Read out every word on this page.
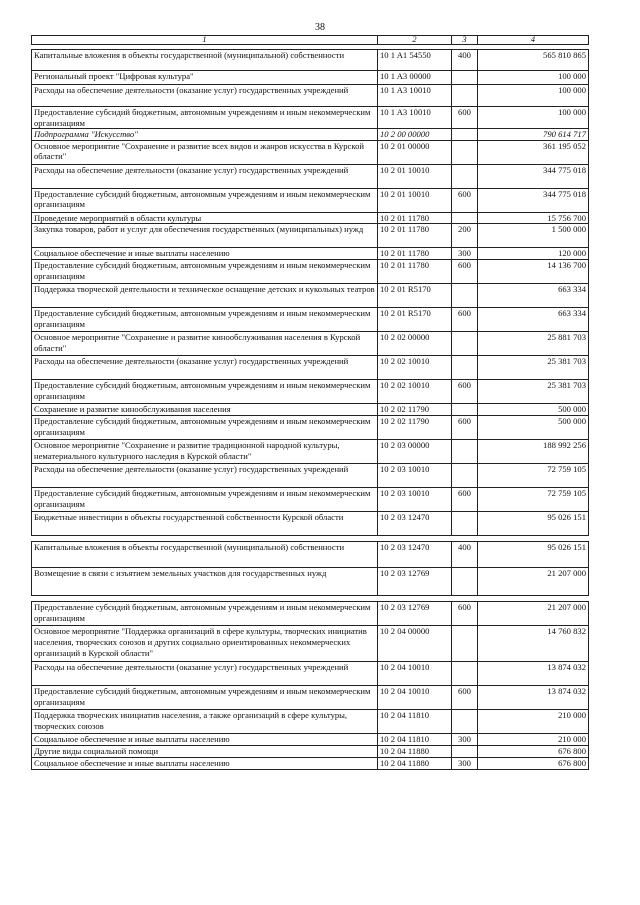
38
1	2	3	4

Капитальные вложения в объекты государственной (муниципальной) собственности	10 1 A1 54550	400	565 810 865
Региональный проект "Цифровая культура"	10 1 A3 00000		100 000
Расходы на обеспечение деятельности (оказание услуг) государственных учреждений	10 1 A3 10010		100 000
Предоставление субсидий бюджетным, автономным учреждениям и иным некоммерческим организациям	10 1 A3 10010	600	100 000
Подпрограмма "Искусство"	10 2 00 00000		790 614 717
Основное мероприятие "Сохранение и развитие всех видов и жанров искусства в Курской области"	10 2 01 00000		361 195 052
Расходы на обеспечение деятельности (оказание услуг) государственных учреждений	10 2 01 10010		344 775 018
Предоставление субсидий бюджетным, автономным учреждениям и иным некоммерческим организациям	10 2 01 10010	600	344 775 018
Проведение мероприятий в области культуры	10 2 01 11780		15 756 700
Закупка товаров, работ и услуг для обеспечения государственных (муниципальных) нужд	10 2 01 11780	200	1 500 000
Социальное обеспечение и иные выплаты населению	10 2 01 11780	300	120 000
Предоставление субсидий бюджетным, автономным учреждениям и иным некоммерческим организациям	10 2 01 11780	600	14 136 700
Поддержка творческой деятельности и техническое оснащение детских и кукольных театров	10 2 01 R5170		663 334
Предоставление субсидий бюджетным, автономным учреждениям и иным некоммерческим организациям	10 2 01 R5170	600	663 334
Основное мероприятие "Сохранение и развитие кинообслуживания населения в Курской области"	10 2 02 00000		25 881 703
Расходы на обеспечение деятельности (оказание услуг) государственных учреждений	10 2 02 10010		25 381 703
Предоставление субсидий бюджетным, автономным учреждениям и иным некоммерческим организациям	10 2 02 10010	600	25 381 703
Сохранение и развитие кинообслуживания населения	10 2 02 11790		500 000
Предоставление субсидий бюджетным, автономным учреждениям и иным некоммерческим организациям	10 2 02 11790	600	500 000
Основное мероприятие "Сохранение и развитие традиционной народной культуры, нематериального культурного наследия в Курской области"	10 2 03 00000		188 992 256
Расходы на обеспечение деятельности (оказание услуг) государственных учреждений	10 2 03 10010		72 759 105
Предоставление субсидий бюджетным, автономным учреждениям и иным некоммерческим организациям	10 2 03 10010	600	72 759 105
Бюджетные инвестиции в объекты государственной собственности Курской области	10 2 03 12470		95 026 151

Капитальные вложения в объекты государственной (муниципальной) собственности	10 2 03 12470	400	95 026 151
Возмещение в связи с изъятием земельных участков для государственных нужд	10 2 03 12769		21 207 000

Предоставление субсидий бюджетным, автономным учреждениям и иным некоммерческим организациям	10 2 03 12769	600	21 207 000
Основное мероприятие "Поддержка организаций в сфере культуры, творческих инициатив населения, творческих союзов и других социально ориентированных некоммерческих организаций в Курской области"	10 2 04 00000		14 760 832
Расходы на обеспечение деятельности (оказание услуг) государственных учреждений	10 2 04 10010		13 874 032
Предоставление субсидий бюджетным, автономным учреждениям и иным некоммерческим организациям	10 2 04 10010	600	13 874 032
Поддержка творческих инициатив населения, а также организаций в сфере культуры, творческих союзов	10 2 04 11810		210 000
Социальное обеспечение и иные выплаты населению	10 2 04 11810	300	210 000
Другие виды социальной помощи	10 2 04 11880		676 800
Социальное обеспечение и иные выплаты населению	10 2 04 11880	300	676 800
